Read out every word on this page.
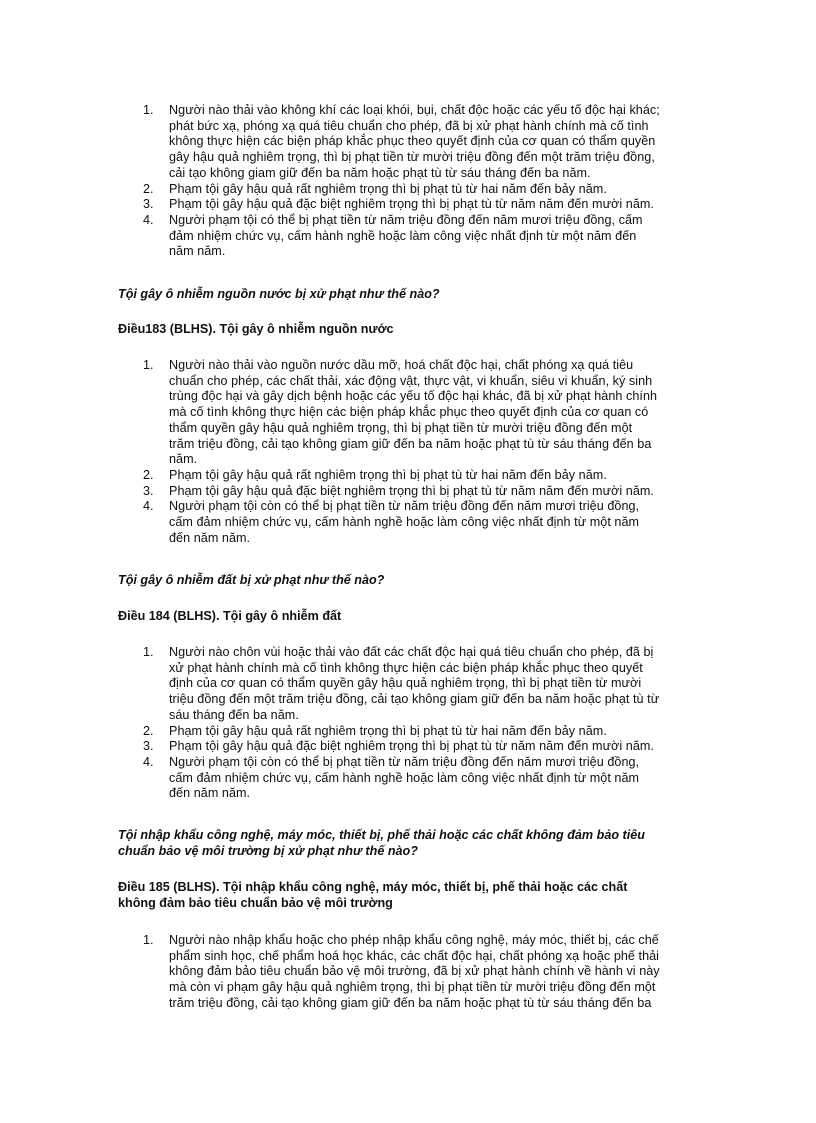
1. Người nào thải vào không khí các loại khói, bụi, chất độc hoặc các yếu tố độc hại khác;
phát bức xạ, phóng xạ quá tiêu chuẩn cho phép, đã bị xử phạt hành chính mà cố tình
không thực hiện các biện pháp khắc phục theo quyết định của cơ quan có thẩm quyền
gây hậu quả nghiêm trọng, thì bị phạt tiền từ mười triệu đồng đến một trăm triệu đồng,
cải tạo không giam giữ đến ba năm hoặc phạt tù từ sáu tháng đến ba năm.
2. Phạm tội gây hậu quả rất nghiêm trọng thì bị phạt tù từ hai năm đến bảy năm.
3. Phạm tội gây hậu quả đặc biệt nghiêm trọng thì bị phạt tù từ năm năm đến mười năm.
4. Người phạm tội có thể bị phạt tiền từ năm triệu đồng đến năm mươi triệu đồng, cấm
đảm nhiệm chức vụ, cấm hành nghề hoặc làm công việc nhất định từ một năm đến
năm năm.
Tội gây ô nhiễm nguồn nước bị xử phạt như thế nào?
Điều183 (BLHS). Tội gây ô nhiễm nguồn nước
1. Người nào thải vào nguồn nước dầu mỡ, hoá chất độc hại, chất phóng xạ quá tiêu
chuẩn cho phép, các chất thải, xác động vật, thực vật, vi khuẩn, siêu vi khuẩn, ký sinh
trùng độc hại và gây dịch bệnh hoặc các yếu tố độc hại khác, đã bị xử phạt hành chính
mà cố tình không thực hiện các biện pháp khắc phục theo quyết định của cơ quan có
thẩm quyền gây hậu quả nghiêm trọng, thì bị phạt tiền từ mười triệu đồng đến một
trăm triệu đồng, cải tạo không giam giữ đến ba năm hoặc phạt tù từ sáu tháng đến ba
năm.
2. Phạm tội gây hậu quả rất nghiêm trọng thì bị phạt tù từ hai năm đến bảy năm.
3. Phạm tội gây hậu quả đặc biệt nghiêm trọng thì bị phạt tù từ năm năm đến mười năm.
4. Người phạm tội còn có thể bị phạt tiền từ năm triệu đồng đến năm mươi triệu đồng,
cấm đảm nhiệm chức vụ, cấm hành nghề hoặc làm công việc nhất định từ một năm
đến năm năm.
Tội gây ô nhiễm đất bị xử phạt như thế nào?
Điều 184 (BLHS). Tội gây ô nhiễm đất
1. Người nào chôn vùi hoặc thải vào đất các chất độc hại quá tiêu chuẩn cho phép, đã bị
xử phạt hành chính mà cố tình không thực hiện các biện pháp khắc phục theo quyết
định của cơ quan có thẩm quyền gây hậu quả nghiêm trọng, thì bị phạt tiền từ mười
triệu đồng đến một trăm triệu đồng, cải tạo không giam giữ đến ba năm hoặc phạt tù từ
sáu tháng đến ba năm.
2. Phạm tội gây hậu quả rất nghiêm trọng thì bị phạt tù từ hai năm đến bảy năm.
3. Phạm tội gây hậu quả đặc biệt nghiêm trọng thì bị phạt tù từ năm năm đến mười năm.
4. Người phạm tội còn có thể bị phạt tiền từ năm triệu đồng đến năm mươi triệu đồng,
cấm đảm nhiệm chức vụ, cấm hành nghề hoặc làm công việc nhất định từ một năm
đến năm năm.
Tội nhập khẩu công nghệ, máy móc, thiết bị, phế thải hoặc các chất không đảm bảo tiêu
chuẩn bảo vệ môi trường bị xử phạt như thế nào?
Điều 185 (BLHS). Tội nhập khẩu công nghệ, máy móc, thiết bị, phế thải hoặc các chất
không đảm bảo tiêu chuẩn bảo vệ môi trường
1. Người nào nhập khẩu hoặc cho phép nhập khẩu công nghệ, máy móc, thiết bị, các chế
phẩm sinh học, chế phẩm hoá học khác, các chất độc hại, chất phóng xạ hoặc phế thải
không đảm bảo tiêu chuẩn bảo vệ môi trường, đã bị xử phạt hành chính về hành vi này
mà còn vi phạm gây hậu quả nghiêm trọng, thì bị phạt tiền từ mười triệu đồng đến một
trăm triệu đồng, cải tạo không giam giữ đến ba năm hoặc phạt tù từ sáu tháng đến ba
